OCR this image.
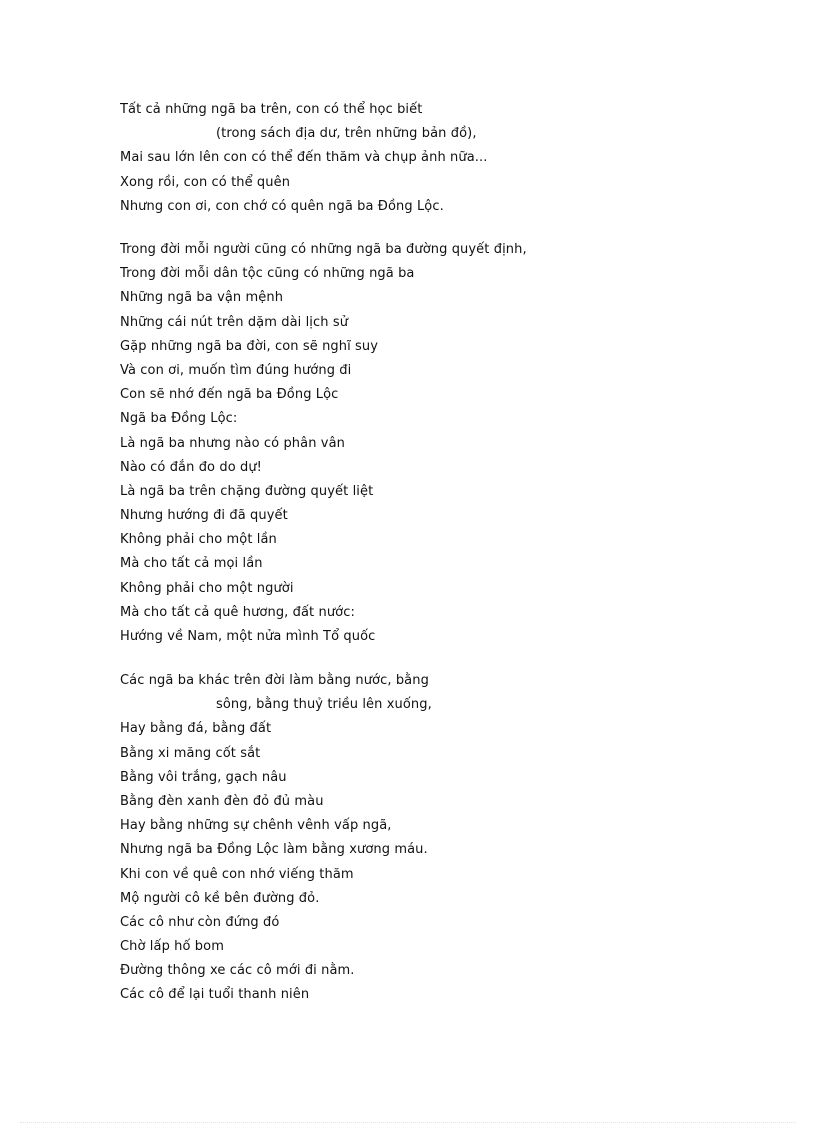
Tất cả những ngã ba trên, con có thể học biết
(trong sách địa dư, trên những bản đồ),
Mai sau lớn lên con có thể đến thăm và chụp ảnh nữa...
Xong rồi, con có thể quên
Nhưng con ơi, con chớ có quên ngã ba Đồng Lộc.
Trong đời mỗi người cũng có những ngã ba đường quyết định,
Trong đời mỗi dân tộc cũng có những ngã ba
Những ngã ba vận mệnh
Những cái nút trên dặm dài lịch sử
Gặp những ngã ba đời, con sẽ nghĩ suy
Và con ơi, muốn tìm đúng hướng đi
Con sẽ nhớ đến ngã ba Đồng Lộc
Ngã ba Đồng Lộc:
Là ngã ba nhưng nào có phân vân
Nào có đắn đo do dự!
Là ngã ba trên chặng đường quyết liệt
Nhưng hướng đi đã quyết
Không phải cho một lần
Mà cho tất cả mọi lần
Không phải cho một người
Mà cho tất cả quê hương, đất nước:
Hướng về Nam, một nửa mình Tổ quốc
Các ngã ba khác trên đời làm bằng nước, bằng
sông, bằng thuỷ triều lên xuống,
Hay bằng đá, bằng đất
Bằng xi măng cốt sắt
Bằng vôi trắng, gạch nâu
Bằng đèn xanh đèn đỏ đủ màu
Hay bằng những sự chênh vênh vấp ngã,
Nhưng ngã ba Đồng Lộc làm bằng xương máu.
Khi con về quê con nhớ viếng thăm
Mộ người cô kề bên đường đỏ.
Các cô như còn đứng đó
Chờ lấp hố bom
Đường thông xe các cô mới đi nằm.
Các cô để lại tuổi thanh niên
